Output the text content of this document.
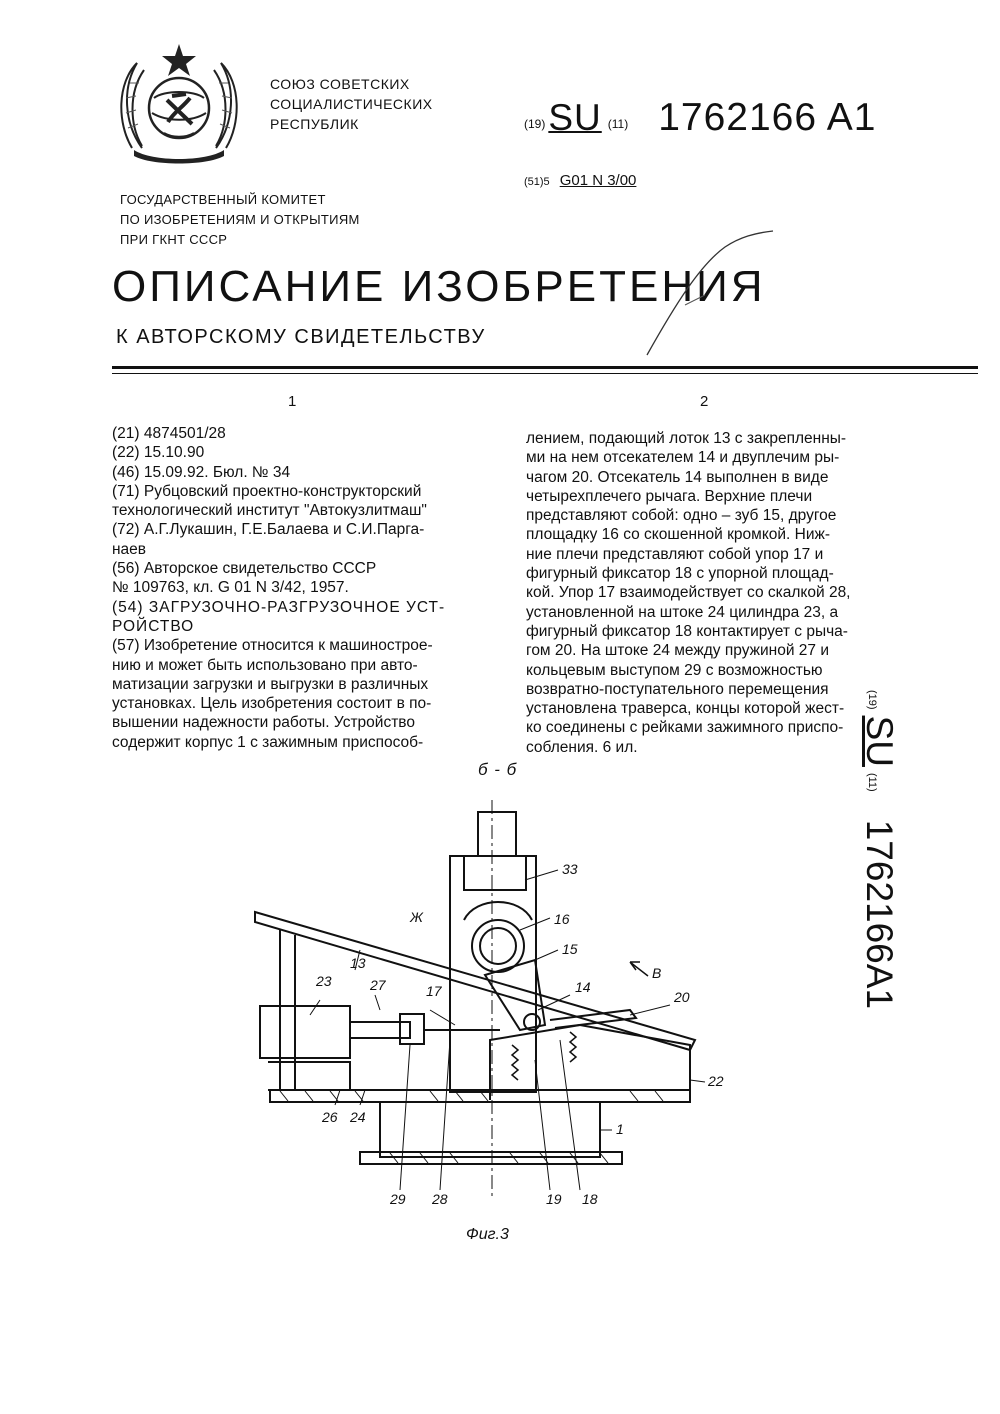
СОЮЗ СОВЕТСКИХ
СОЦИАЛИСТИЧЕСКИХ
РЕСПУБЛИК	(19)SU (11) 1762166 A1
(51)5 G01 N 3/00
ГОСУДАРСТВЕННЫЙ КОМИТЕТ
ПО ИЗОБРЕТЕНИЯМ И ОТКРЫТИЯМ
ПРИ ГКНТ СССР
ОПИСАНИЕ ИЗОБРЕТЕНИЯ
К АВТОРСКОМУ СВИДЕТЕЛЬСТВУ
1	2
(21) 4874501/28
(22) 15.10.90
(46) 15.09.92. Бюл. № 34
(71) Рубцовский проектно-конструкторский
технологический институт "Автокузлитмаш"
(72) А.Г.Лукашин, Г.Е.Балаева и С.И.Парга-
наев
(56) Авторское свидетельство СССР
№ 109763, кл. G 01 N 3/42, 1957.
(54) ЗАГРУЗОЧНО-РАЗГРУЗОЧНОЕ УСТ-
РОЙСТВО
(57) Изобретение относится к машинострое-
нию и может быть использовано при авто-
матизации загрузки и выгрузки в различных
установках. Цель изобретения состоит в по-
вышении надежности работы. Устройство
содержит корпус 1 с зажимным приспособ-
лением, подающий лоток 13 с закрепленны-
ми на нем отсекателем 14 и двуплечим ры-
чагом 20. Отсекатель 14 выполнен в виде
четырехплечего рычага. Верхние плечи
представляют собой: одно – зуб 15, другое
площадку 16 со скошенной кромкой. Ниж-
ние плечи представляют собой упор 17 и
фигурный фиксатор 18 с упорной площад-
кой. Упор 17 взаимодействует со скалкой 28,
установленной на штоке 24 цилиндра 23, а
фигурный фиксатор 18 контактирует с рыча-
гом 20. На штоке 24 между пружиной 27 и
кольцевым выступом 29 с возможностью
возвратно-поступательного перемещения
установлена траверса, концы которой жест-
ко соединены с рейками зажимного приспо-
собления. 6 ил.
(19)SU(11)1762166A1
б - б
В
Ж
33
16
15
14
20
13
23	27	17
22
1
26 24
29 28	19 18
Фиг.3
